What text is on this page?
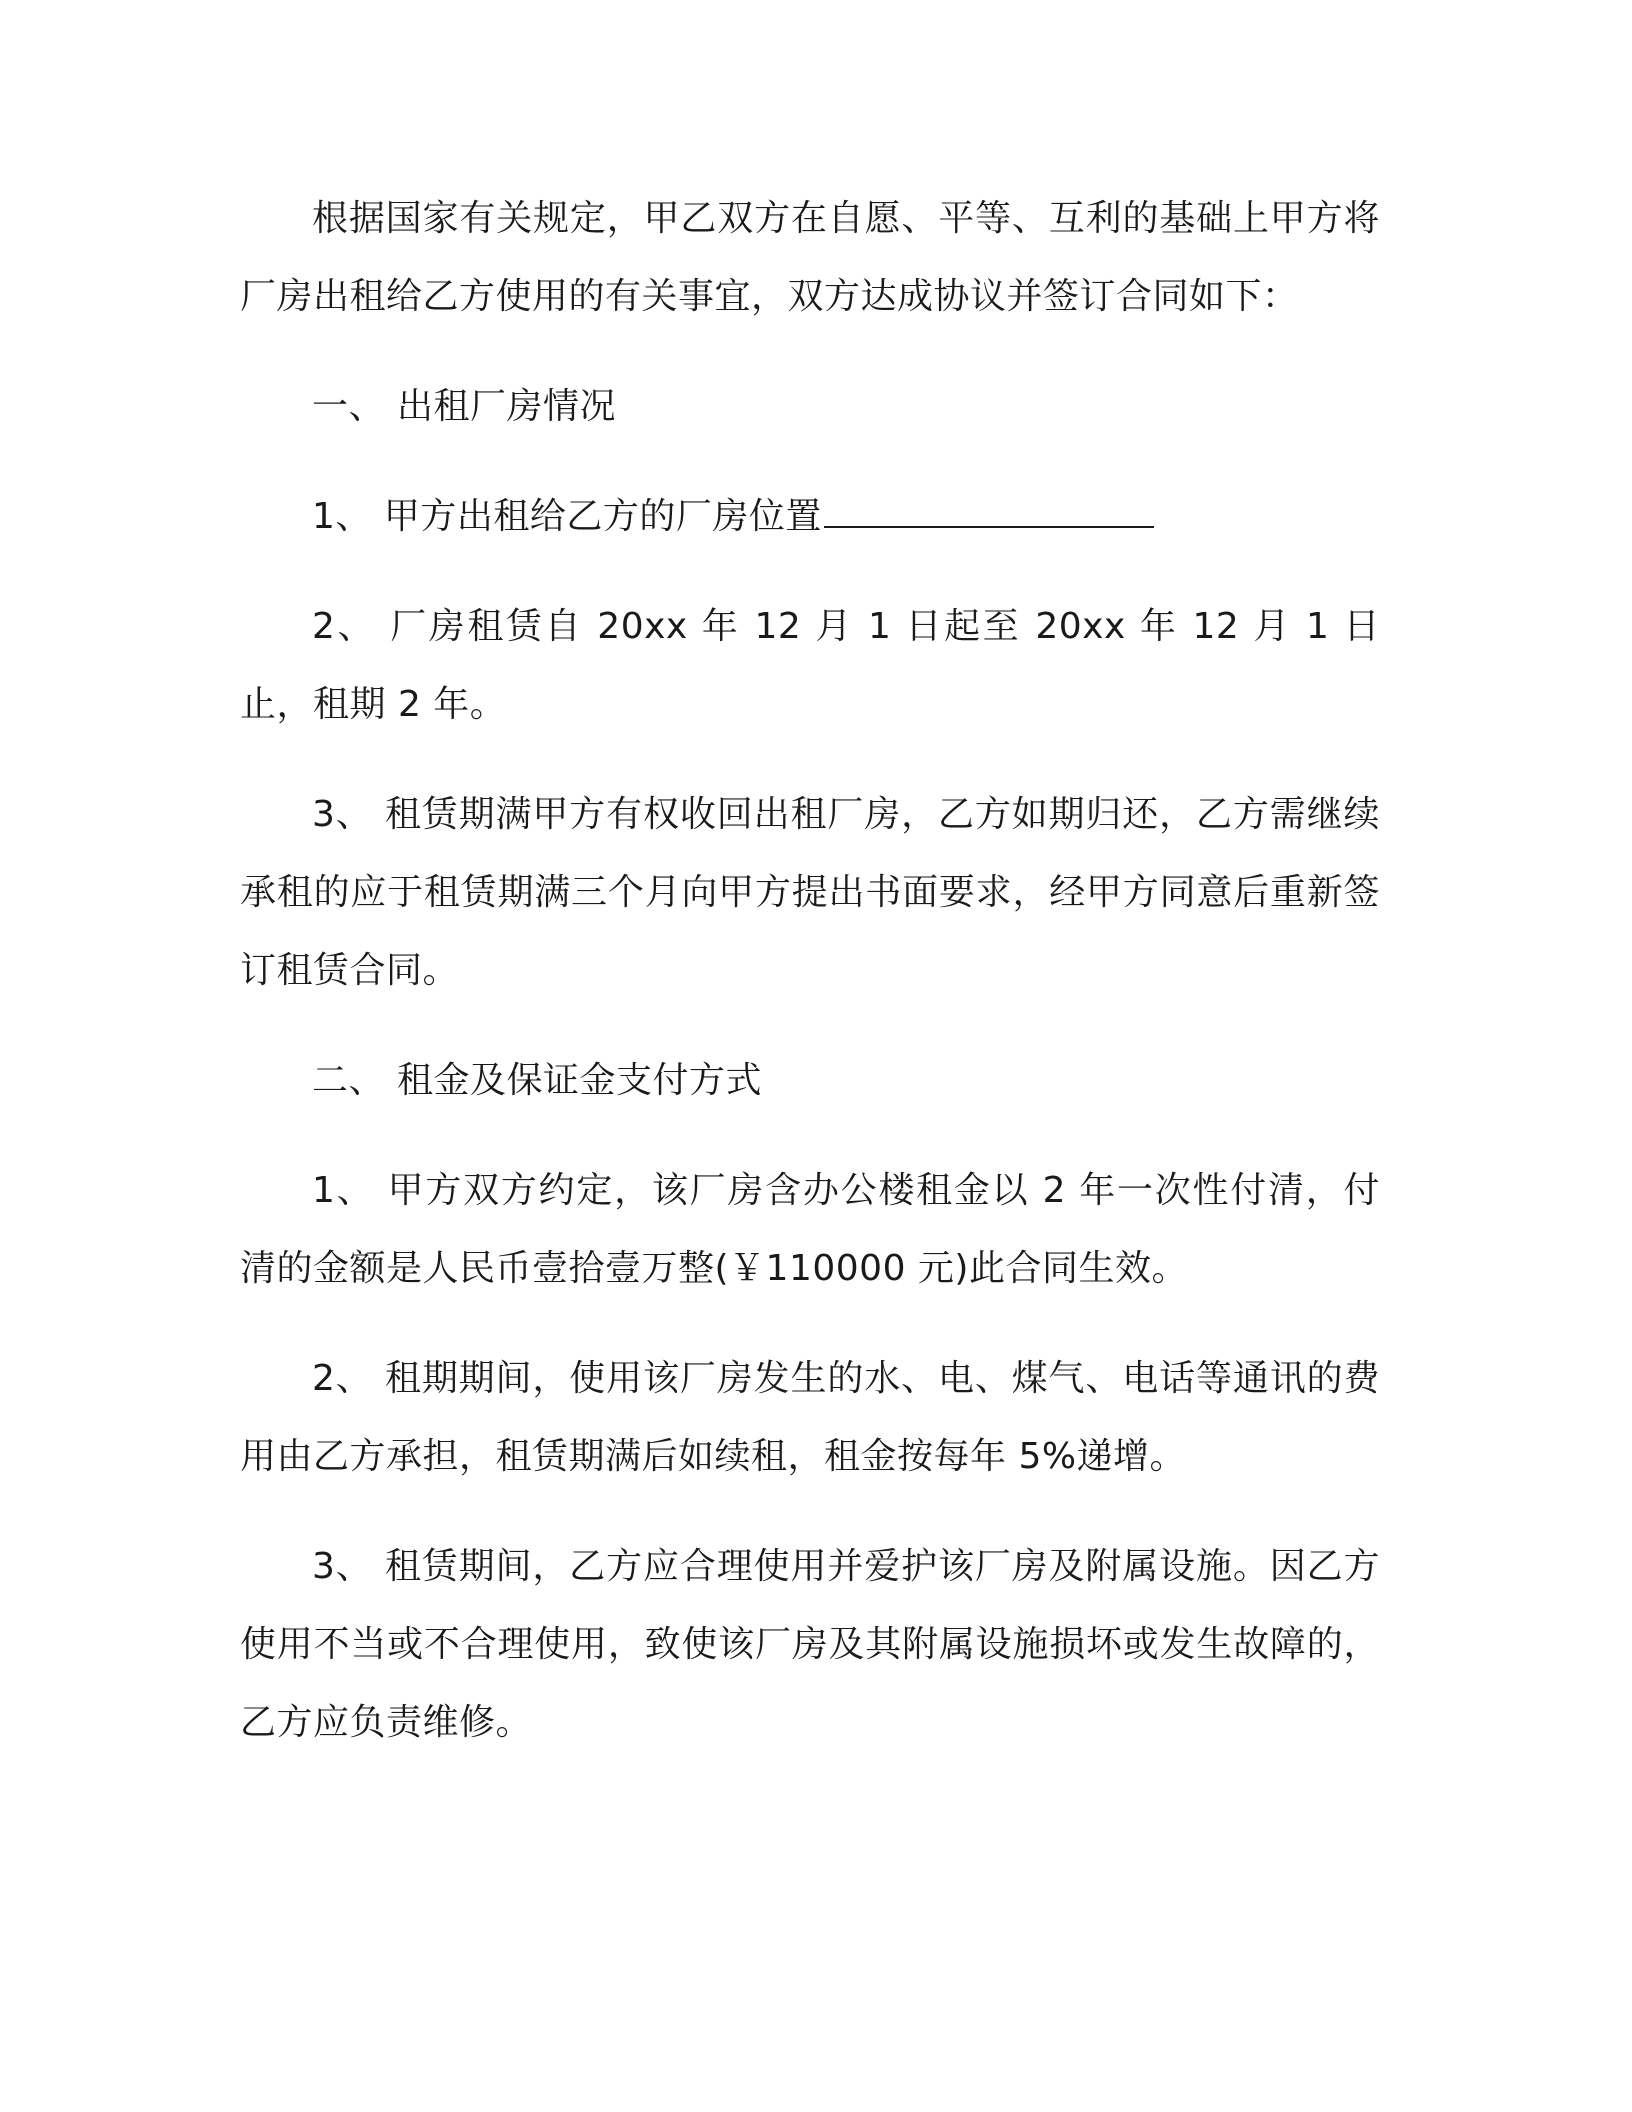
根据国家有关规定，甲乙双方在自愿、平等、互利的基础上甲方将厂房出租给乙方使用的有关事宜，双方达成协议并签订合同如下：

一、 出租厂房情况

1、 甲方出租给乙方的厂房位置

2、 厂房租赁自 20xx 年 12 月 1 日起至 20xx 年 12 月 1 日止，租期 2 年。

3、 租赁期满甲方有权收回出租厂房，乙方如期归还，乙方需继续承租的应于租赁期满三个月向甲方提出书面要求，经甲方同意后重新签订租赁合同。

二、 租金及保证金支付方式

1、 甲方双方约定，该厂房含办公楼租金以 2 年一次性付清，付清的金额是人民币壹拾壹万整(￥110000 元)此合同生效。

2、 租期期间，使用该厂房发生的水、电、煤气、电话等通讯的费用由乙方承担，租赁期满后如续租，租金按每年 5%递增。

3、 租赁期间，乙方应合理使用并爱护该厂房及附属设施。因乙方使用不当或不合理使用，致使该厂房及其附属设施损坏或发生故障的，乙方应负责维修。
